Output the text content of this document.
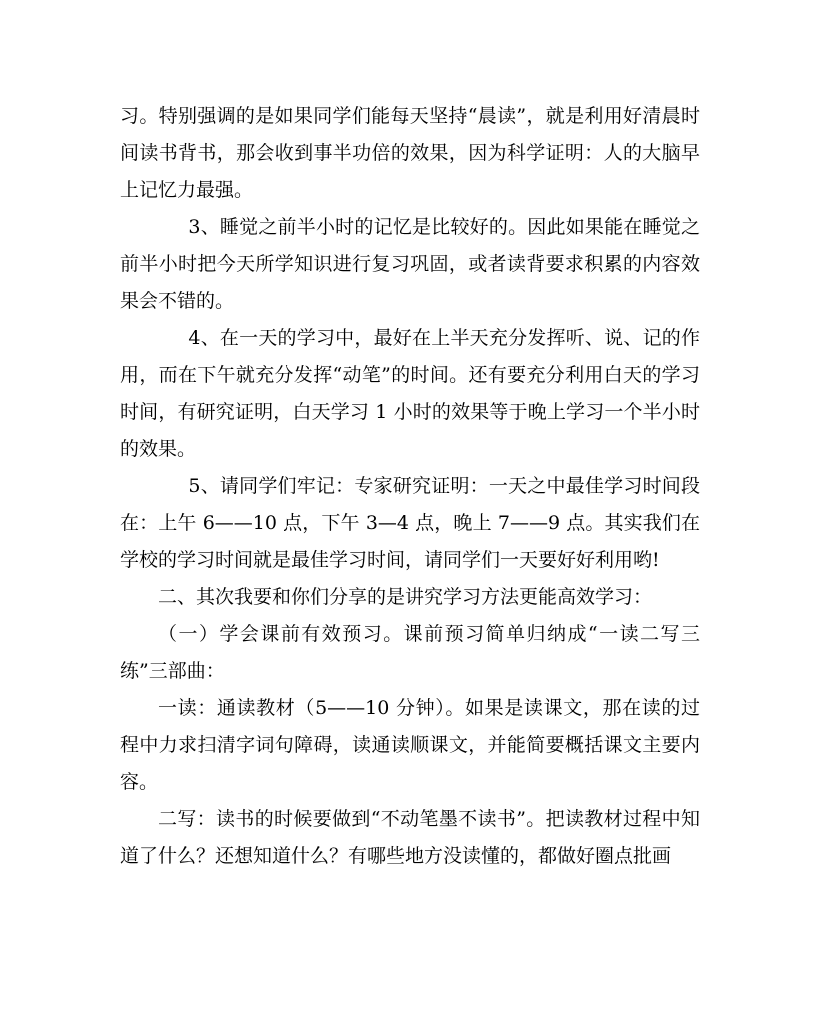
习。特别强调的是如果同学们能每天坚持“晨读”，就是利用好清晨时间读书背书，那会收到事半功倍的效果，因为科学证明：人的大脑早上记忆力最强。

3、睡觉之前半小时的记忆是比较好的。因此如果能在睡觉之前半小时把今天所学知识进行复习巩固，或者读背要求积累的内容效果会不错的。

4、在一天的学习中，最好在上半天充分发挥听、说、记的作用，而在下午就充分发挥“动笔”的时间。还有要充分利用白天的学习时间，有研究证明，白天学习 1 小时的效果等于晚上学习一个半小时的效果。

5、请同学们牢记：专家研究证明：一天之中最佳学习时间段在：上午 6——10 点，下午 3—4 点，晚上 7——9 点。其实我们在学校的学习时间就是最佳学习时间，请同学们一天要好好利用哟!

二、其次我要和你们分享的是讲究学习方法更能高效学习：

（一）学会课前有效预习。课前预习简单归纳成“一读二写三练”三部曲：

一读：通读教材（5——10 分钟）。如果是读课文，那在读的过程中力求扫清字词句障碍，读通读顺课文，并能简要概括课文主要内容。

二写：读书的时候要做到“不动笔墨不读书”。把读教材过程中知道了什么？还想知道什么？有哪些地方没读懂的，都做好圈点批画
